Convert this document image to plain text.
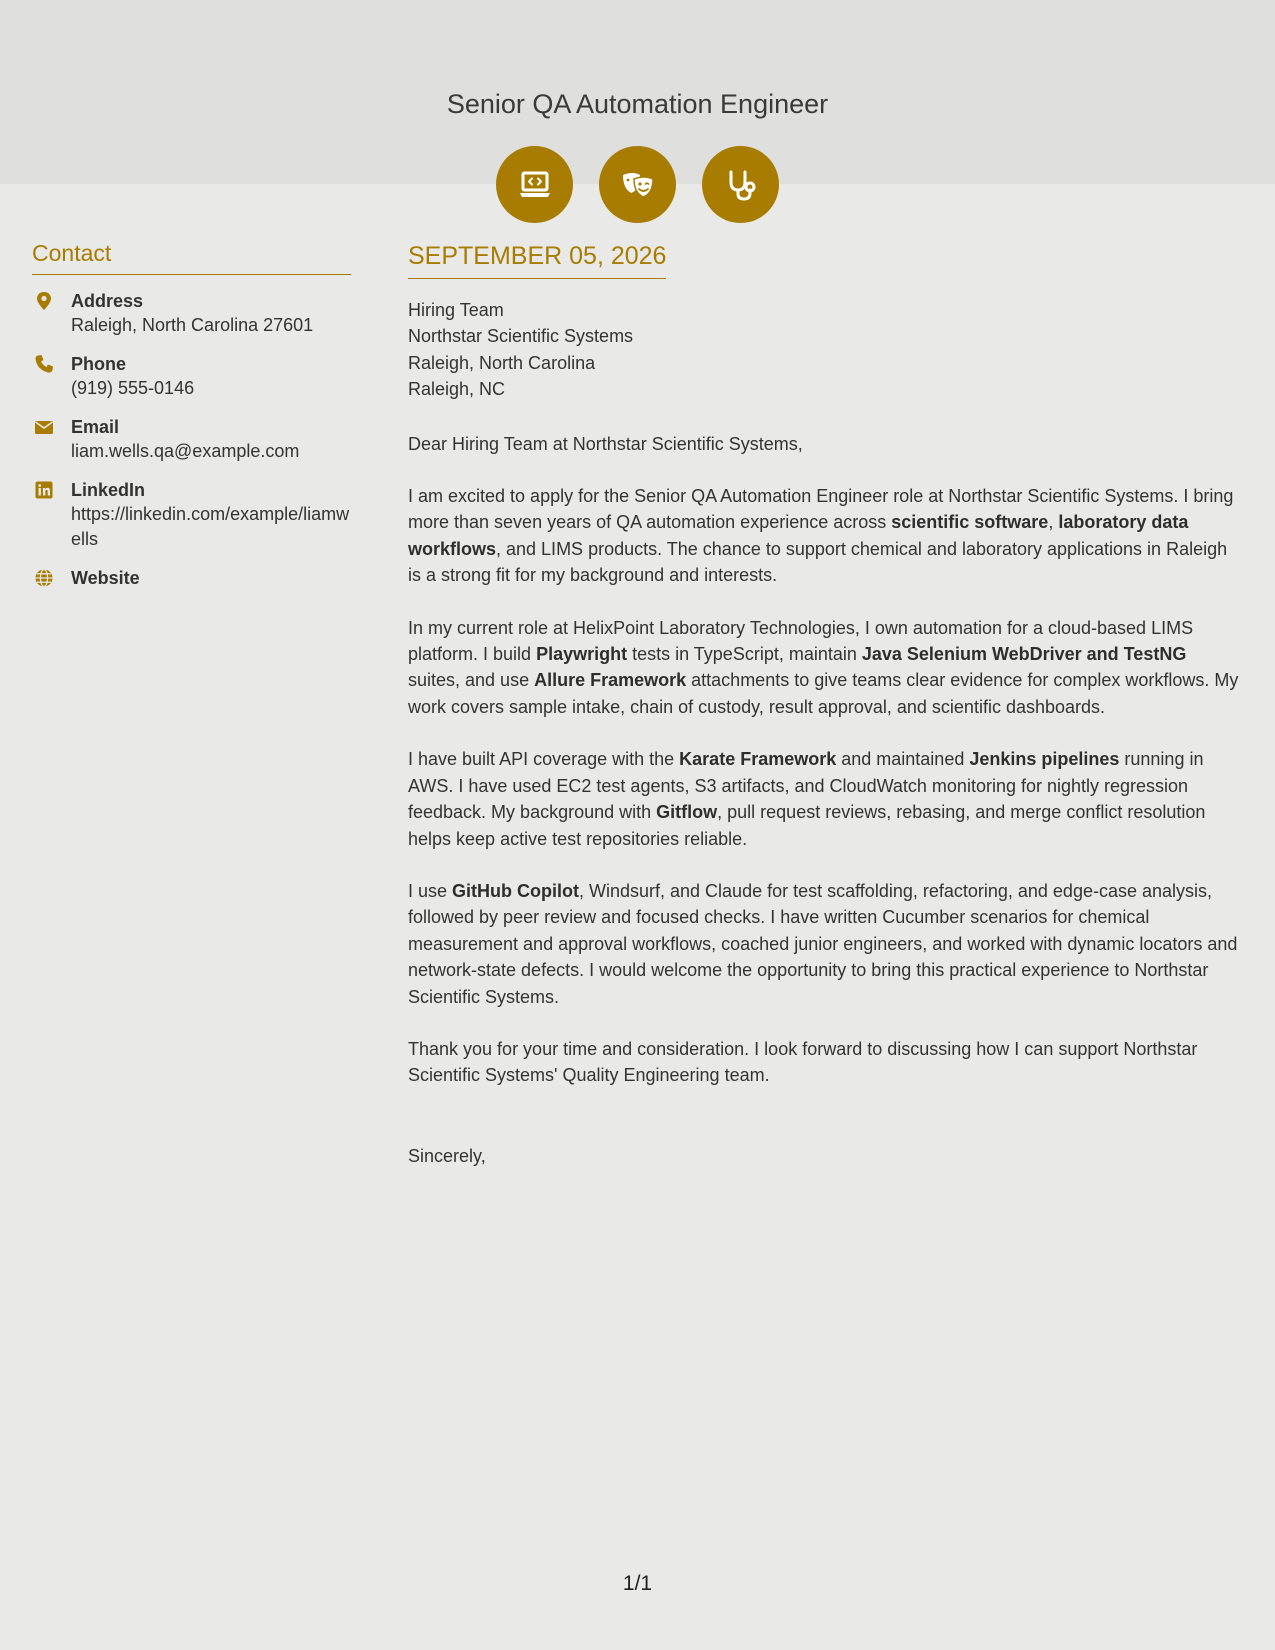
Senior QA Automation Engineer
Contact
Address
Raleigh, North Carolina 27601
Phone
(919) 555-0146
Email
liam.wells.qa@example.com
LinkedIn
https://linkedin.com/example/liamwells
Website
SEPTEMBER 05, 2026
Hiring Team
Northstar Scientific Systems
Raleigh, North Carolina
Raleigh, NC
Dear Hiring Team at Northstar Scientific Systems,

I am excited to apply for the Senior QA Automation Engineer role at Northstar Scientific Systems. I bring more than seven years of QA automation experience across scientific software, laboratory data workflows, and LIMS products. The chance to support chemical and laboratory applications in Raleigh is a strong fit for my background and interests.

In my current role at HelixPoint Laboratory Technologies, I own automation for a cloud-based LIMS platform. I build Playwright tests in TypeScript, maintain Java Selenium WebDriver and TestNG suites, and use Allure Framework attachments to give teams clear evidence for complex workflows. My work covers sample intake, chain of custody, result approval, and scientific dashboards.

I have built API coverage with the Karate Framework and maintained Jenkins pipelines running in AWS. I have used EC2 test agents, S3 artifacts, and CloudWatch monitoring for nightly regression feedback. My background with Gitflow, pull request reviews, rebasing, and merge conflict resolution helps keep active test repositories reliable.

I use GitHub Copilot, Windsurf, and Claude for test scaffolding, refactoring, and edge-case analysis, followed by peer review and focused checks. I have written Cucumber scenarios for chemical measurement and approval workflows, coached junior engineers, and worked with dynamic locators and network-state defects. I would welcome the opportunity to bring this practical experience to Northstar Scientific Systems.

Thank you for your time and consideration. I look forward to discussing how I can support Northstar Scientific Systems' Quality Engineering team.

Sincerely,
1/1
